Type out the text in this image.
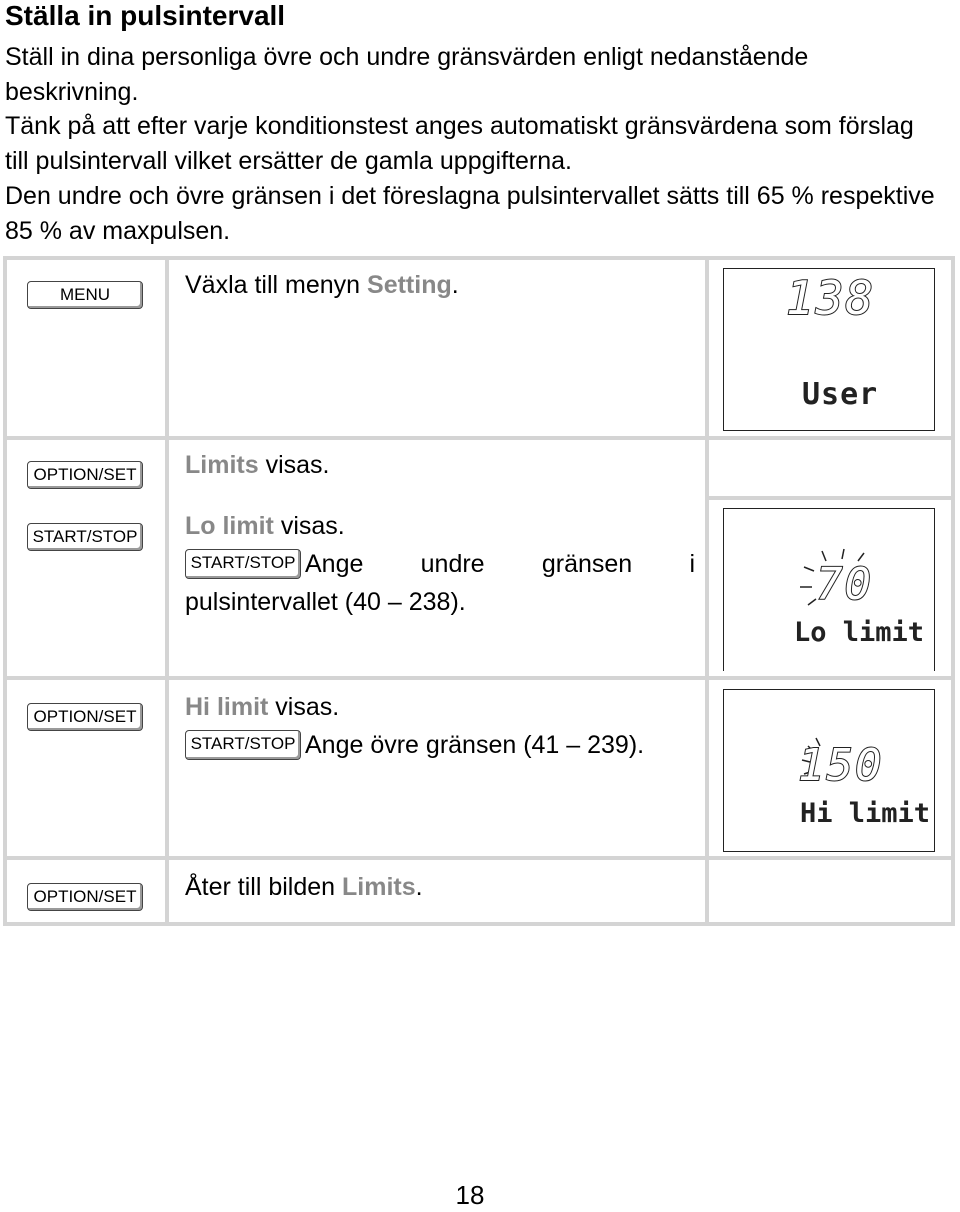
Ställa in pulsintervall

Ställ in dina personliga övre och undre gränsvärden enligt nedanstående beskrivning.

Tänk på att efter varje konditionstest anges automatiskt gränsvärdena som förslag till pulsintervall vilket ersätter de gamla uppgifterna.

Den undre och övre gränsen i det föreslagna pulsintervallet sätts till 65 % respektive 85 % av maxpulsen.

MENU
OPTION/SET
START/STOP
OPTION/SET
OPTION/SET
Växla till menyn Setting.
Limits visas.
Lo limit visas.
START/STOP Ange undre gränsen i pulsintervallet (40 – 238).
Hi limit visas.
START/STOP Ange övre gränsen (41 – 239).
Åter till bilden Limits.
138
User
70
Lo limit
150
Hi limit
18
